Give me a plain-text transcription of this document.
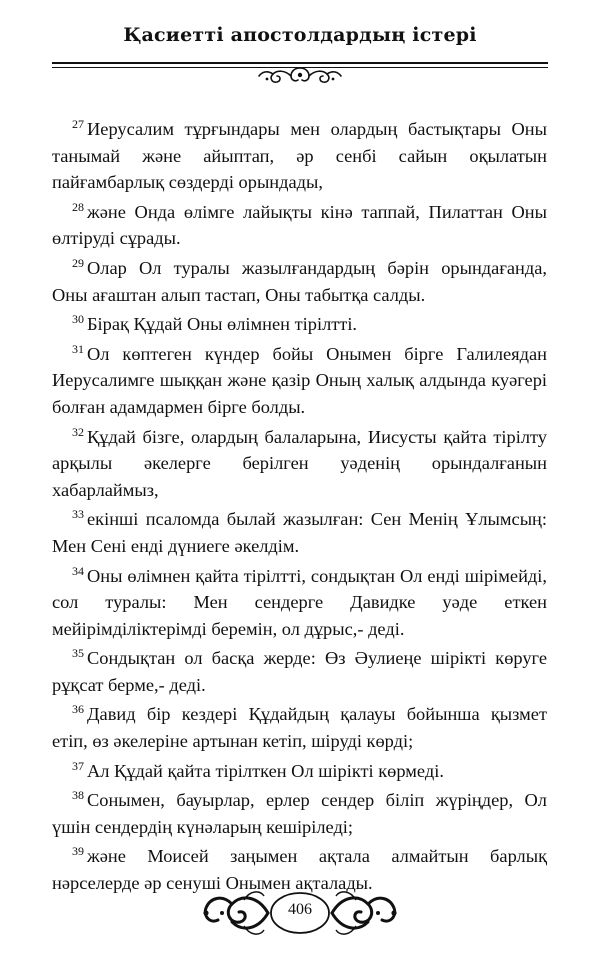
Қасиетті апостолдардың істері

$^{27}$ Иерусалим тұрғындары мен олардың бастықтары Оны танымай және айыптап, әр сенбі сайын оқылатын пайғамбарлық сөздерді орындады,

$^{28}$ және Онда өлімге лайықты кінә таппай, Пилаттан Оны өлтіруді сұрады.

$^{29}$ Олар Ол туралы жазылғандардың бәрін орындағанда, Оны ағаштан алып тастап, Оны табытқа салды.

$^{30}$ Бірақ Құдай Оны өлімнен тірілтті.

$^{31}$ Ол көптеген күндер бойы Онымен бірге Галилеядан Иерусалимге шыққан және қазір Оның халық алдында куәгері болған адамдармен бірге болды.

$^{32}$ Құдай бізге, олардың балаларына, Иисусты қайта тірілту арқылы әкелерге берілген уәденің орындалғанын хабарлаймыз,

$^{33}$ екінші псаломда былай жазылған: Сен Менің Ұлымсың: Мен Сені енді дүниеге әкелдім.

$^{34}$ Оны өлімнен қайта тірілтті, сондықтан Ол енді шірімейді, сол туралы: Мен сендерге Давидке уәде еткен мейірімділіктерімді беремін, ол дұрыс,- деді.

$^{35}$ Сондықтан ол басқа жерде: Өз Әулиеңе шірікті көруге рұқсат берме,- деді.

$^{36}$ Давид бір кездері Құдайдың қалауы бойынша қызмет етіп, өз әкелеріне артынан кетіп, шіруді көрді;

$^{37}$ Ал Құдай қайта тірілткен Ол шірікті көрмеді.

$^{38}$ Сонымен, бауырлар, ерлер сендер біліп жүріңдер, Ол үшін сендердің күнәларың кешіріледі;

$^{39}$ және Моисей заңымен ақтала алмайтын барлық нәрселерде әр сенуші Онымен ақталады.

406
